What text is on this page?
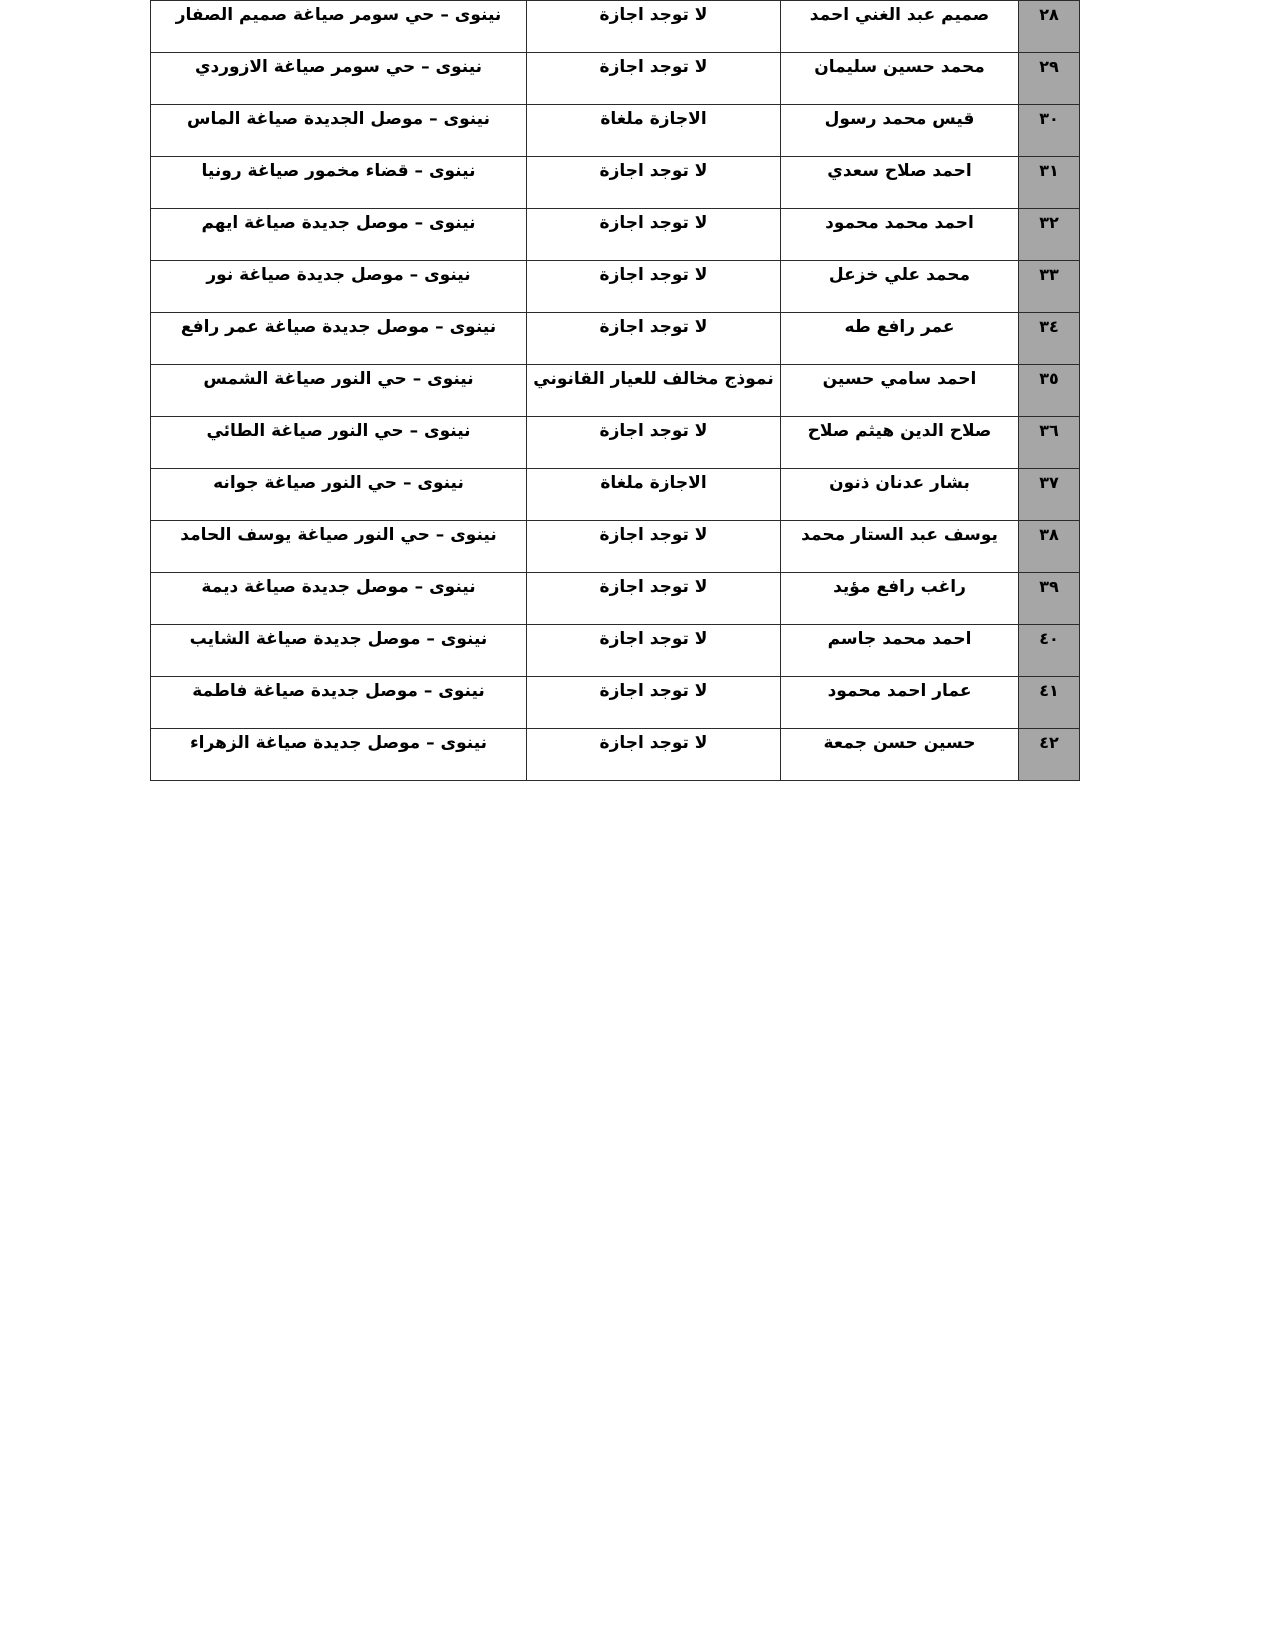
نينوى – حي سومر صياغة صميم الصفار	لا توجد اجازة	صميم عبد الغني احمد	٢٨

نينوى – حي سومر صياغة الازوردي	لا توجد اجازة	محمد حسين سليمان	٢٩

نينوى – موصل الجديدة صياغة الماس	الاجازة ملغاة	قيس محمد رسول	٣٠

نينوى – قضاء مخمور صياغة رونيا	لا توجد اجازة	احمد صلاح سعدي	٣١

نينوى – موصل جديدة صياغة ايهم	لا توجد اجازة	احمد محمد محمود	٣٢

نينوى – موصل جديدة صياغة نور	لا توجد اجازة	محمد علي خزعل	٣٣

نينوى – موصل جديدة صياغة عمر رافع	لا توجد اجازة	عمر رافع طه	٣٤

نينوى – حي النور صياغة الشمس	نموذج مخالف للعيار القانوني	احمد سامي حسين	٣٥

نينوى – حي النور صياغة الطائي	لا توجد اجازة	صلاح الدين هيثم صلاح	٣٦

نينوى – حي النور صياغة جوانه	الاجازة ملغاة	بشار عدنان ذنون	٣٧

نينوى – حي النور صياغة يوسف الحامد	لا توجد اجازة	يوسف عبد الستار محمد	٣٨

نينوى – موصل جديدة صياغة ديمة	لا توجد اجازة	راغب رافع مؤيد	٣٩

نينوى – موصل جديدة صياغة الشايب	لا توجد اجازة	احمد محمد جاسم	٤٠

نينوى – موصل جديدة صياغة فاطمة	لا توجد اجازة	عمار احمد محمود	٤١

نينوى – موصل جديدة صياغة الزهراء	لا توجد اجازة	حسين حسن جمعة	٤٢
